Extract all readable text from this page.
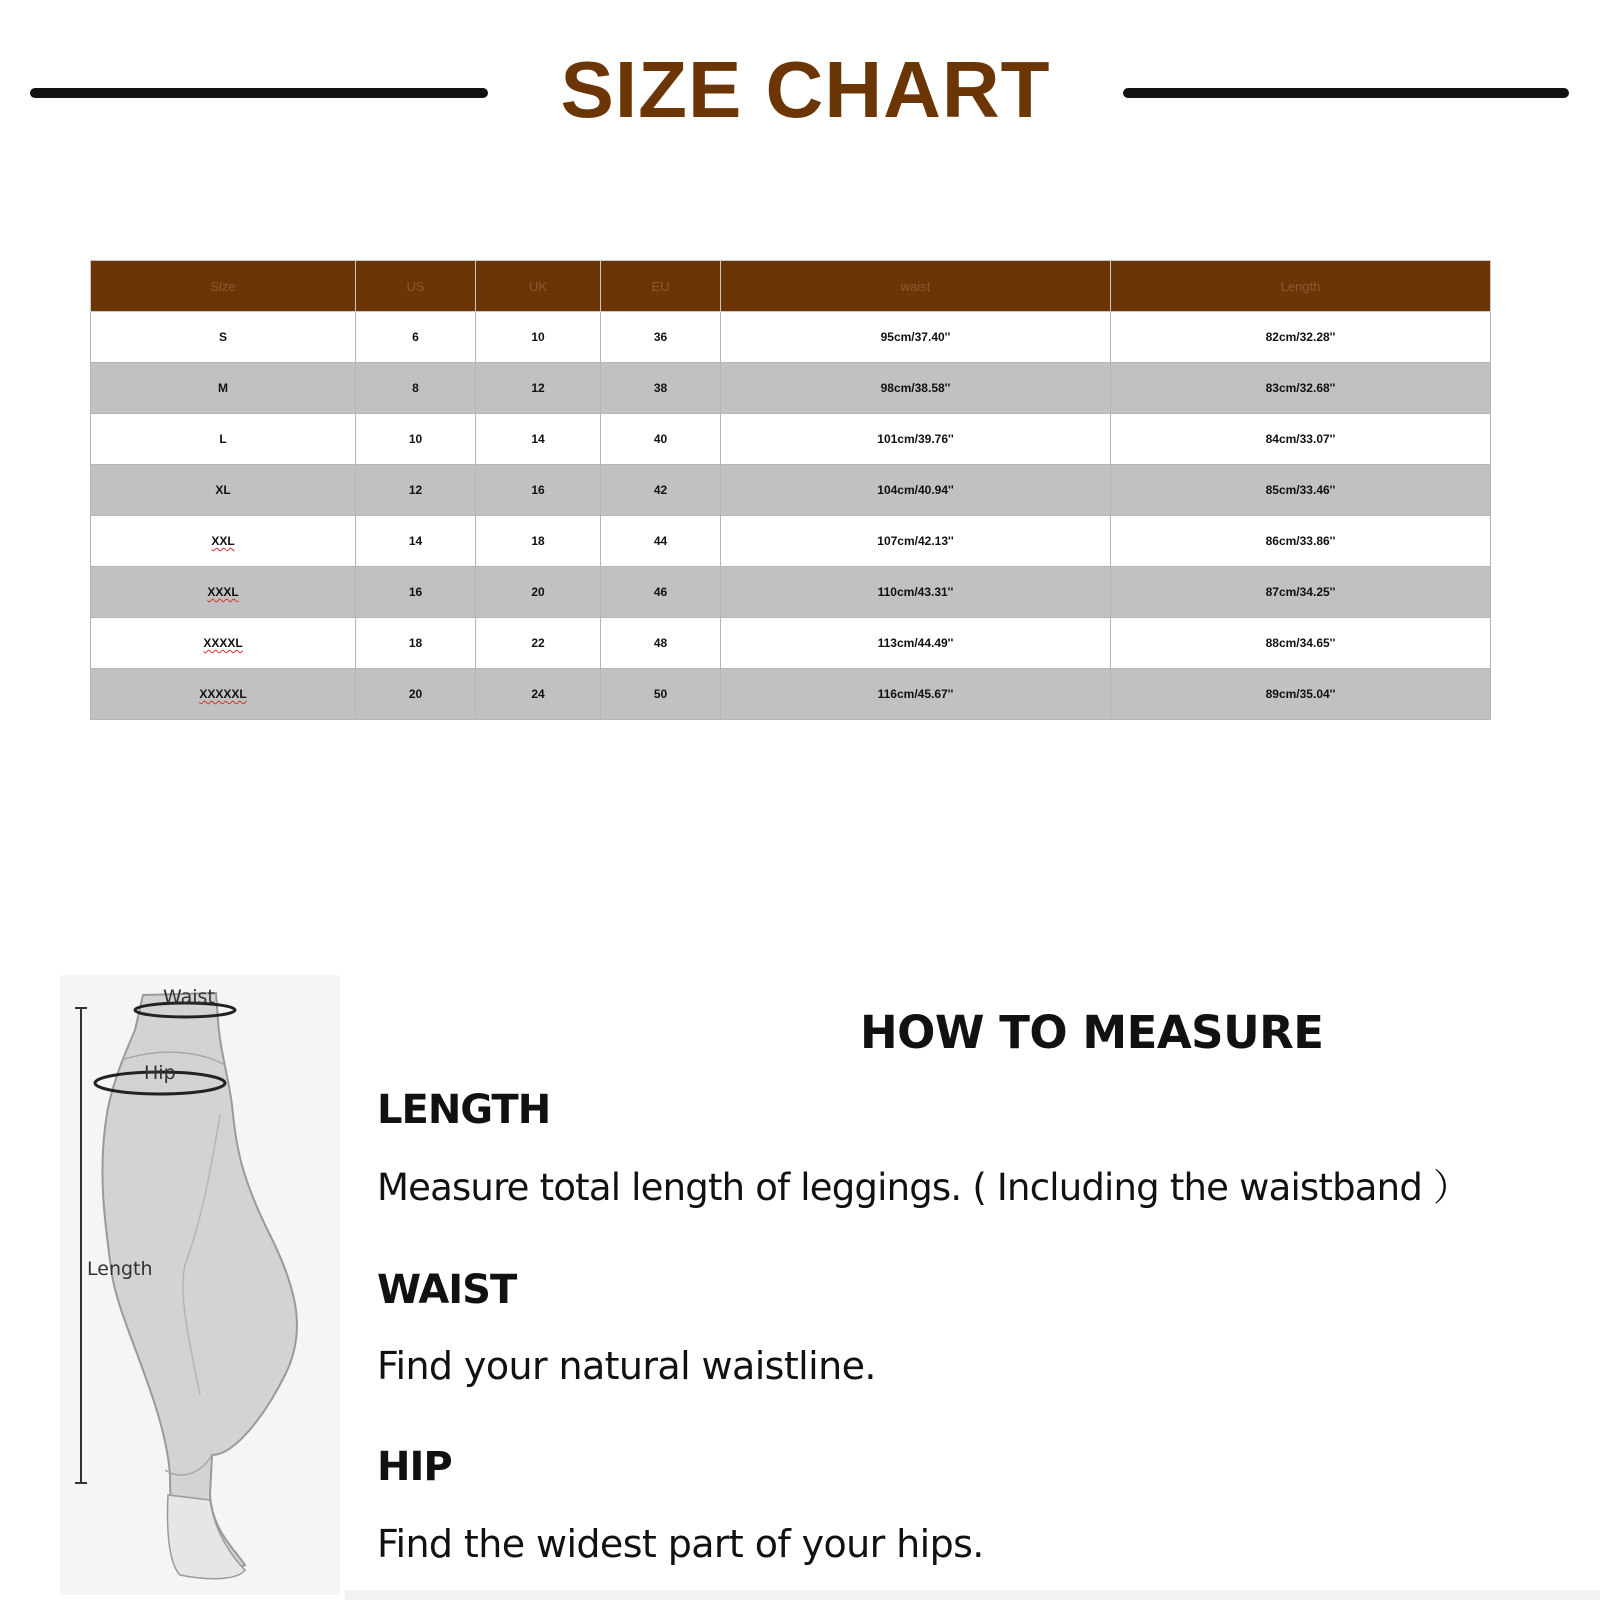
SIZE CHART
Size	US	UK	EU	waist	Length
S	6	10	36	95cm/37.40''	82cm/32.28''
M	8	12	38	98cm/38.58''	83cm/32.68''
L	10	14	40	101cm/39.76''	84cm/33.07''
XL	12	16	42	104cm/40.94''	85cm/33.46''
XXL	14	18	44	107cm/42.13''	86cm/33.86''
XXXL	16	20	46	110cm/43.31''	87cm/34.25''
XXXXL	18	22	48	113cm/44.49''	88cm/34.65''
XXXXXL	20	24	50	116cm/45.67''	89cm/35.04''
Waist
Hip
Length
HOW TO MEASURE
LENGTH
Measure total length of leggings. ( Including the waistband ）
WAIST
Find your natural waistline.
HIP
Find the widest part of your hips.
